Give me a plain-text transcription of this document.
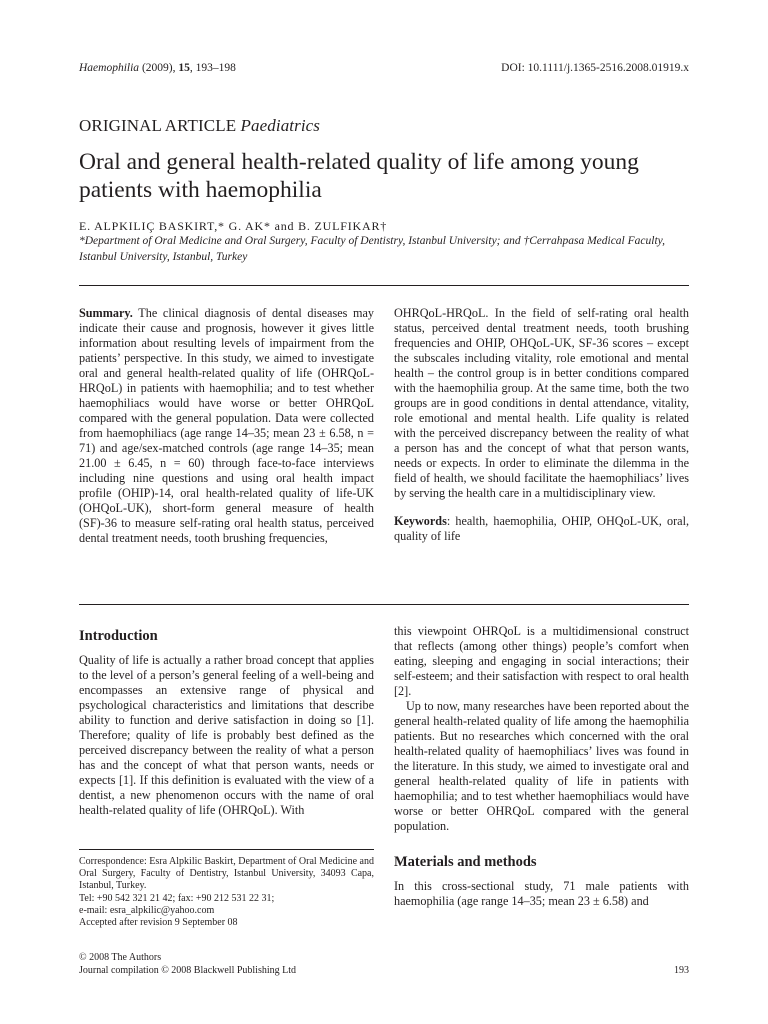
Haemophilia (2009), 15, 193–198	DOI: 10.1111/j.1365-2516.2008.01919.x
ORIGINAL ARTICLE Paediatrics
Oral and general health-related quality of life among young patients with haemophilia
E. ALPKILIÇ BASKIRT,* G. AK* and B. ZULFIKAR†
*Department of Oral Medicine and Oral Surgery, Faculty of Dentistry, Istanbul University; and †Cerrahpasa Medical Faculty, Istanbul University, Istanbul, Turkey

Summary. The clinical diagnosis of dental diseases may indicate their cause and prognosis, however it gives little information about resulting levels of impairment from the patients’ perspective. In this study, we aimed to investigate oral and general health-related quality of life (OHRQoL-HRQoL) in patients with haemophilia; and to test whether haemophiliacs would have worse or better OHRQoL compared with the general population. Data were collected from haemophiliacs (age range 14–35; mean 23 ± 6.58, n = 71) and age/sex-matched controls (age range 14–35; mean 21.00 ± 6.45, n = 60) through face-to-face interviews including nine questions and using oral health impact profile (OHIP)-14, oral health-related quality of life-UK (OHQoL-UK), short-form general measure of health (SF)-36 to measure self-rating oral health status, perceived dental treatment needs, tooth brushing frequencies,

OHRQoL-HRQoL. In the field of self-rating oral health status, perceived dental treatment needs, tooth brushing frequencies and OHIP, OHQoL-UK, SF-36 scores – except the subscales including vitality, role emotional and mental health – the control group is in better conditions compared with the haemophilia group. At the same time, both the two groups are in good conditions in dental attendance, vitality, role emotional and mental health. Life quality is related with the perceived discrepancy between the reality of what a person has and the concept of what that person wants, needs or expects. In order to eliminate the dilemma in the field of health, we should facilitate the haemophiliacs’ lives by serving the health care in a multidisciplinary view.

Keywords: health, haemophilia, OHIP, OHQoL-UK, oral, quality of life

Introduction

Quality of life is actually a rather broad concept that applies to the level of a person’s general feeling of a well-being and encompasses an extensive range of physical and psychological characteristics and limitations that describe ability to function and derive satisfaction in doing so [1]. Therefore; quality of life is probably best defined as the perceived discrepancy between the reality of what a person has and the concept of what that person wants, needs or expects [1]. If this definition is evaluated with the view of a dentist, a new phenomenon occurs with the name of oral health-related quality of life (OHRQoL). With

this viewpoint OHRQoL is a multidimensional construct that reflects (among other things) people’s comfort when eating, sleeping and engaging in social interactions; their self-esteem; and their satisfaction with respect to oral health [2].

Up to now, many researches have been reported about the general health-related quality of life among the haemophilia patients. But no researches which concerned with the oral health-related quality of haemophiliacs’ lives was found in the literature. In this study, we aimed to investigate oral and general health-related quality of life in patients with haemophilia; and to test whether haemophiliacs would have worse or better OHRQoL compared with the general population.

Materials and methods

In this cross-sectional study, 71 male patients with haemophilia (age range 14–35; mean 23 ± 6.58) and

Correspondence: Esra Alpkilic Baskirt, Department of Oral Medicine and Oral Surgery, Faculty of Dentistry, Istanbul University, 34093 Capa, Istanbul, Turkey.
Tel: +90 542 321 21 42; fax: +90 212 531 22 31;
e-mail: esra_alpkilic@yahoo.com
Accepted after revision 9 September 08
© 2008 The Authors
Journal compilation © 2008 Blackwell Publishing Ltd	193
